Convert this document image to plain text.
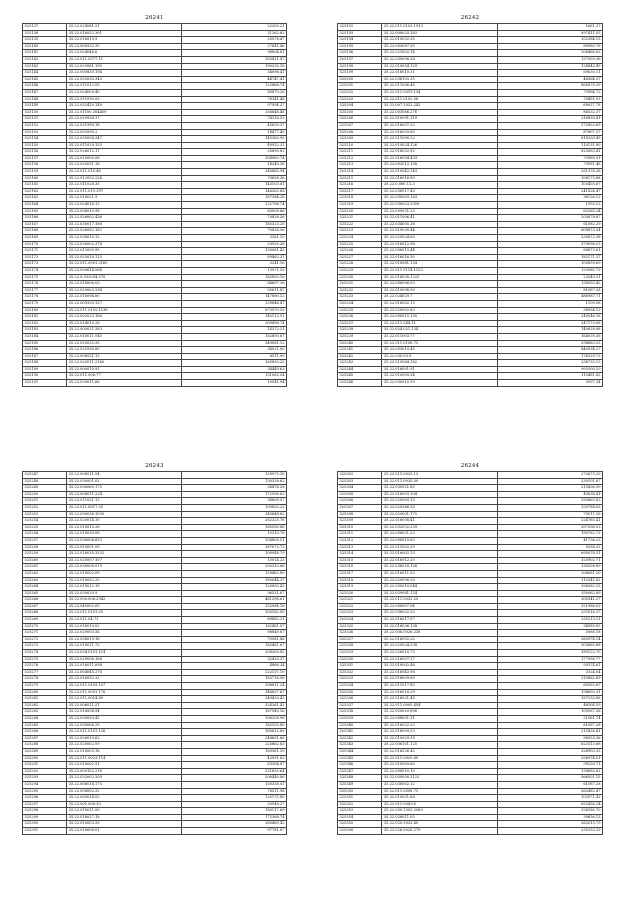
26241
525137	35.22.024081.51	22350.21
525138	35.22.016052.301	21262.62
525139	35.22.016010.9	25578.47
525140	35.22.000932.35	27641.46
525141	35.22.024048.6	96804.81
525142	35.22.011.0377.11	163411.47
525143	35.22.029081.195	190335.18
525144	35.22.000830.194	34098.41
525145	35.22.020030.343	44747.41
525146	35.22.011012.05	122868.74
525147	35.22.024009.40	80879.26
525148	35.22.011090.09	76341.46
525149	35.22.032410.149	97994.37
525150	35.22.01100.304409	256648.48
525151	35.22.029936.37	74316.53
525152	35.22.021990.18	45639.37
525153	35.22.032090.2	14477.40
525154	35.22.030008.347	145383.95
525155	35.22.011029.153	49932.31
525156	35.22.026012.11	35895.82
525157	35.22.010005.08	104983.74
525158	35.22.020031.16	14240.36
525159	35.22.011.010.46	240865.94
525160	35.22.012052.224	70828.36
525161	35.22.011028.35	143103.81
525162	35.22.011.019.397	146262.68
525163	35.22.016021.9	187384.28
525164	35.22.024018.13	222796.74
525165	35.22.006010.98	63008.86
525166	35.22.026002.436	70828.36
525167	35.22.030017.168	185323.25
525168	35.22.026062.162	70828.36
525169	35.22.038010.12	3361.10
525170	35.22.028002.374	29925.36
525171	35.22.012005.95	130561.42
525172	35.22.025010.115	89462.31
525173	35.22.011.0901.2165	3241.16
525174	35.22.000614.064	13971.53
525175	35.22.0.032034.070	182893.16
525176	35.22.018006.03	84697.36
525177	35.22.020003.294	95611.87
525178	35.22.016094.60	147880.12
525179	35.22.009320.127	139848.47
525180	35.22.011.0102.1136	673970.53
525181	35.22.003022.168	140113.91
525182	35.22.014010.28	209496.74
525183	35.22.000021.383	14272.21
525184	35.22.016011.040	182893.67
525185	35.22.020032.35	549081.12
525186	35.22.021090.60	34021.00
525187	35.22.008021.13	6511.90
525188	35.22.020011.2160	165893.25
525189	35.22.000010.91	34449.63
525190	35.22.011.006.77	131062.54
525191	35.22.028011.66	10041.94
26242
525192	35.22.011.0103.1913	1661.37
525193	35.22.008033.163	897411.55
525194	35.22.010032.55	152384.13
525195	35.22.003087.50	80980.78
525196	35.22.021602.14	206468.82
525197	35.22.030006.28	137939.36
525198	35.22.019054.129	124842.49
525199	35.22.016010.31	69630.11
525200	35.22.036103.35	46064.37
525201	35.22.011006.48	865870.39
525202	35.22.011.0019.134	73964.72
525203	35.22.011.0102.56	70451.93
525204	35.22.007.1022.242	69027.78
525205	35.22.003066.276	86532.37
525206	35.22.010091.119	216893.41
525207	35.22.016097.52	272853.65
525208	35.22.016033.65	87807.37
525209	35.22.011090.22	818293.49
525210	35.22.019024.126	110131.90
525211	35.22.016052.92	823563.41
525212	35.22.016054.439	73969.91
525213	35.22.003012.108	79581.46
525214	35.22.010042.143	251378.28
525215	35.22.016016.90	106172.88
525216	35.22.0.060.11.3	103403.67
525217	35.22.036017.43	241824.47
525218	35.22.030093.163	36126.12
525219	35.22.030023.2309	1993.12
525220	35.22.009021.23	65265.24
525221	35.22.011006.41	205678.87
525222	35.22.034005.36	61082.29
525223	35.22.010039.44	608873.34
525224	35.22.020024.60	235672.38
525225	35.22.016012.98	379098.53
525226	35.22.006015.44	69873.61
525227	35.22.016016.30	182171.37
525228	35.22.010081.154	100839.69
525229	35.22.011.0114.1123	123985.72
525230	35.22.016028.1223	23549.31
525231	35.22.006006.03	138593.42
525232	35.22.010098.90	81087.28
525233	35.22.024029.7	486987.71
525234	35.22.016002.15	1109.58
525235	35.22.020002.63	38934.13
525236	35.22.008015.150	249546.16
525237	35.22.011.044.11	247173.08
525238	35.22.024.021.134	140828.88
525239	35.22.011003.77	164039.36
525240	35.22.011.0106.73	296683.23
525241	35.22.003010.45	840934.27
525242	35.22.030.03.9	176329.73
525243	35.22.015064.182	238733.13
525244	35.22.016001.91	993500.20
525245	35.22.010009.34	110481.82
525246	35.22.030010.59	3597.34
26243
525247	35.22.008011.54	129975.16
525248	35.22.030001.02	130328.62
525249	35.22.036060.175	38476.28
525250	35.22.008011.224	172936.63
525251	35.22.011021.13	38609.57
525252	35.22.011.0017.03	190823.23
525253	35.22.030036.1030	340648.82
525254	35.22.020014.10	262325.76
525255	35.22.010015.26	165550.68
525256	35.22.010039.08	10310.76
525257	35.22.036004.653	104808.51
525258	35.22.010001.09	387072.73
525259	35.22.016035.3252	109948.79
525260	35.22.020007.107	10014.23
525261	35.22.030008.019	200310.68
525262	35.22.010002.09	129482.89
525263	35.22.016052.25	180044.37
525264	35.22.010012.19	120893.43
525265	35.22.030020.9	96531.67
525266	35.22.030.006.2942	461298.61
525267	35.22.040002.05	132984.18
525268	35.22.011.0101.05	105162.09
525269	35.22.011.04.71	89882.21
525270	35.22.016010.02	182481.57
525271	35.22.029003.56	98849.67
525272	35.22.036019.16	70581.86
525273	35.22.010011.72	182461.67
525274	35.22.034.0101.114	208300.82
525275	35.22.029006.166	32429.37
525276	35.22.016011.098	4866.34
525277	35.22.004045.276	222137.19
525278	35.22.016092.33	183716.58
525279	35.22.011.0103.107	396811.24
525280	35.22.011.0001.176	148837.67
525281	35.22.011.0014.80	249420.43
525282	35.22.006011.51	324261.42
525283	35.22.016004.94	167940.16
525284	35.22.030020.42	106328.98
525285	35.22.030006.29	182103.85
525286	35.22.011.0101.126	180612.69
525287	35.22.026010.62	248651.66
525288	35.22.020002.09	225862.63
525289	35.22.010003.18	169361.39
525290	35.22.011.0023.114	42991.63
525291	35.22.016002.91	63304.87
525292	35.22.000102.218	221655.64
525293	35.22.032002.209	206440.86
525294	35.22.006016.175	150356.01
525295	35.22.008002.32	76511.96
525296	35.22.000014.02	125175.85
525297	35.22.001.008.30	20948.27
525298	35.22.018011.00	180117.69
525299	35.22.016027.18	172368.74
525300	35.22.010003.59	280469.42
525301	35.22.016008.01	97781.87
26244
525302	35.22.011.0020.13	272673.20
525303	35.22.011.0035.09	230101.87
525304	35.22.030021.85	215806.30
525305	35.22.016003.104	40638.41
525306	35.22.020009.19	293663.82
525307	35.22.020266.35	329788.05
525308	35.22.020001.175	79511.16
525309	35.22.016008.41	224765.41
525310	35.22.032032.239	357296.03
525311	35.22.008021.23	190762.72
525312	35.22.008010.63	41736.23
525313	35.22.011002.29	5058.33
525314	35.22.016002.13	695078.31
525315	35.22.016012.20	320902.71
525316	35.22.036020.126	130258.89
525317	35.22.016011.02	206681.20
525318	35.22.020006.35	110341.82
525319	35.22.030010.044	356582.32
525320	35.22.029081.124	350062.89
525321	35.22.011.0032.25	300341.27
525322	35.22.008007.94	321986.02
525323	35.22.036032.20	253016.37
525324	35.22.016017.07	235213.11
525325	35.22.016036.138	34585.83
525326	35.22.006.0026.238	5068.18
525327	35.22.016002.22	360974.14
525328	35.22.020024.238	303665.88
525329	35.22.026010.72	180122.70
525330	35.22.016007.27	177956.77
525331	35.22.010002.46	93574.61
525332	35.22.016043.98	3324.04
525333	35.22.016009.60	210862.89
525334	35.22.011017.85	60055.67
525335	35.22.016018.29	194650.31
525336	35.22.016021.45	187132.86
525337	35.22.011.0005.454	46504.59
525338	35.22.020029.896	109567.56
525339	35.22.008001.31	21561.74
525340	35.22.016022.25	61087.28
525341	35.22.016059.53	215426.41
525342	35.22.010029.39	96553.36
525343	35.22.006101.125	623313.68
525344	35.22.016026.42	326903.33
525345	35.22.011.0020.80	256974.01
525346	35.22.010009.60	99239.71
525347	35.22.008010.10	138683.82
525348	35.22.030030.2122	566501.15
525349	35.22.036002.12	61087.28
525350	35.22.011.0008.73	262482.47
525351	35.22.010021.68	103971.42
525352	35.22.011.004.05	652456.24
525353	35.22.030.1003.2080	326180.70
525354	35.22.026011.05	39656.13
525355	35.22.020.3033.40	262015.75
525356	35.22.026.0026.279	235233.33
